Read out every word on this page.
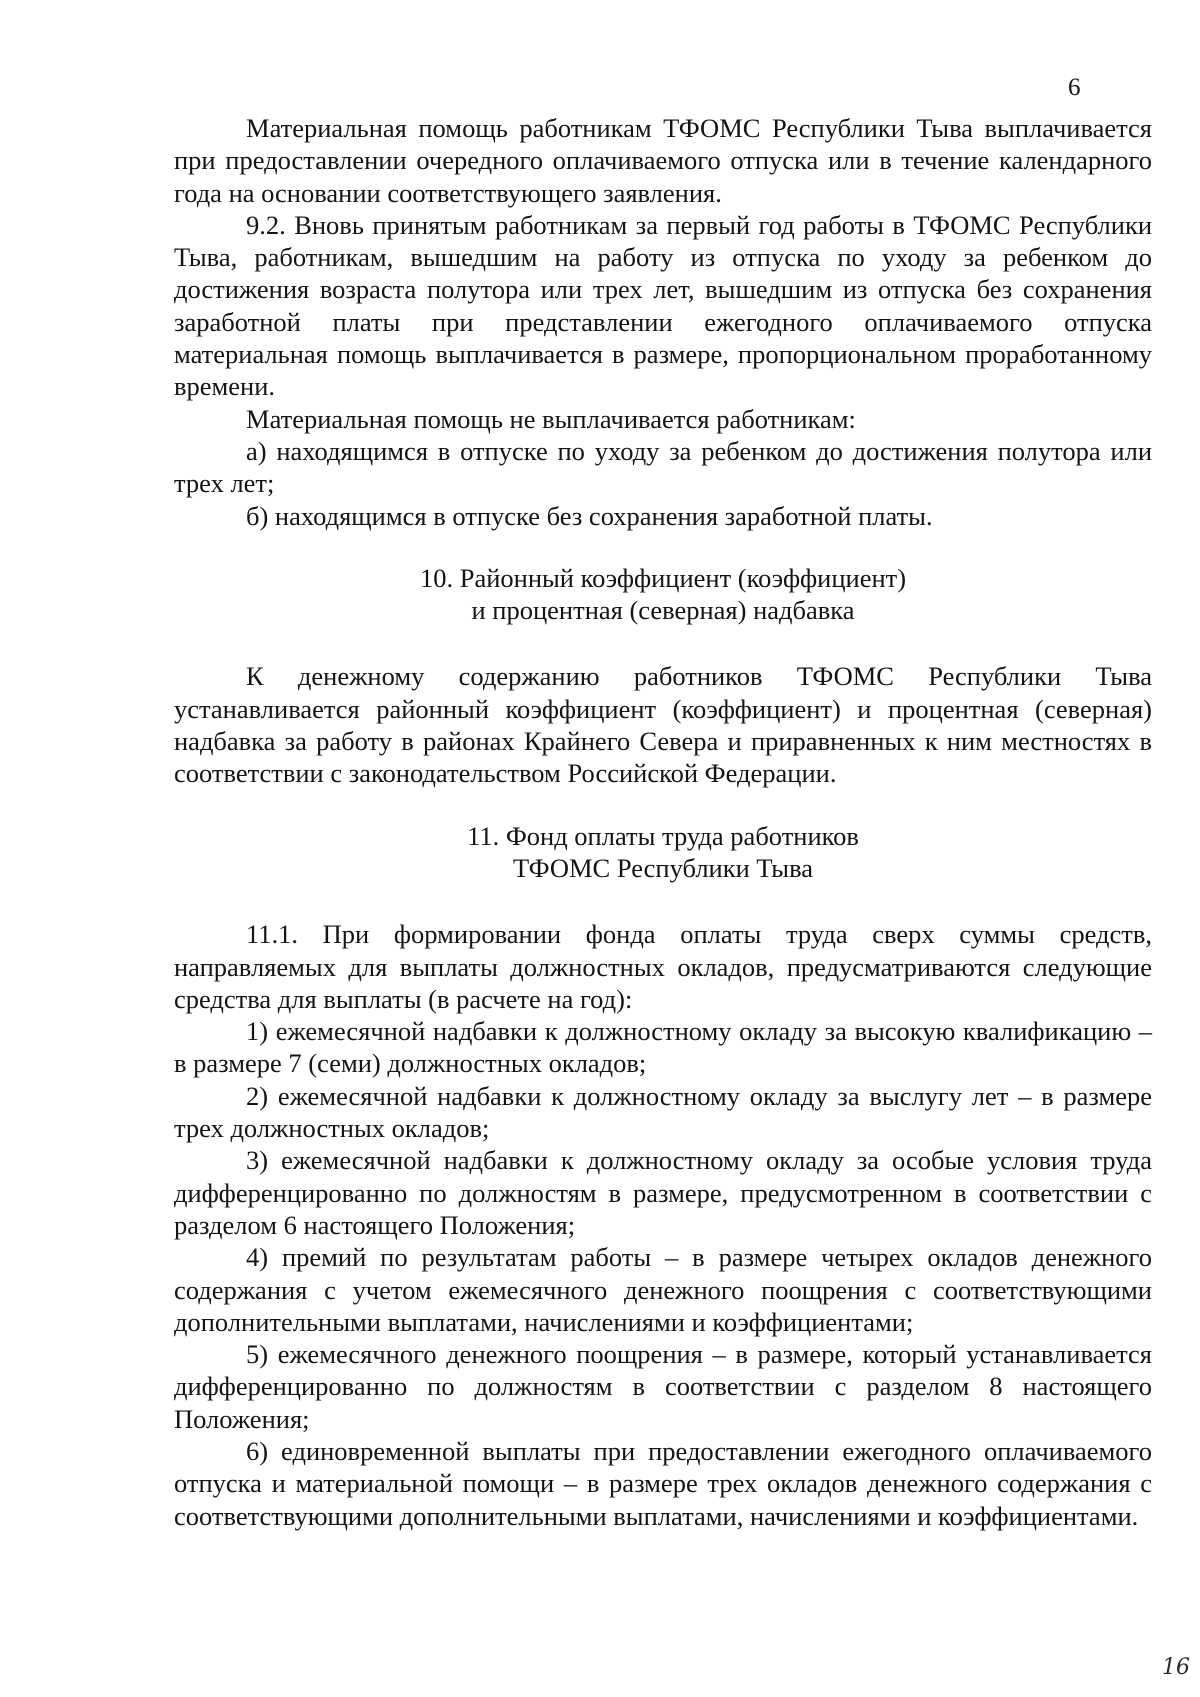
6

Материальная помощь работникам ТФОМС Республики Тыва выплачивается при предоставлении очередного оплачиваемого отпуска или в течение календарного года на основании соответствующего заявления.

9.2. Вновь принятым работникам за первый год работы в ТФОМС Республики Тыва, работникам, вышедшим на работу из отпуска по уходу за ребенком до достижения возраста полутора или трех лет, вышедшим из отпуска без сохранения заработной платы при представлении ежегодного оплачиваемого отпуска материальная помощь выплачивается в размере, пропорциональном проработанному времени.

Материальная помощь не выплачивается работникам:

а) находящимся в отпуске по уходу за ребенком до достижения полутора или трех лет;

б) находящимся в отпуске без сохранения заработной платы.

10. Районный коэффициент (коэффициент)
и процентная (северная) надбавка

К денежному содержанию работников ТФОМС Республики Тыва устанавливается районный коэффициент (коэффициент) и процентная (северная) надбавка за работу в районах Крайнего Севера и приравненных к ним местностях в соответствии с законодательством Российской Федерации.

11. Фонд оплаты труда работников
ТФОМС Республики Тыва

11.1. При формировании фонда оплаты труда сверх суммы средств, направляемых для выплаты должностных окладов, предусматриваются следующие средства для выплаты (в расчете на год):

1) ежемесячной надбавки к должностному окладу за высокую квалификацию – в размере 7 (семи) должностных окладов;

2) ежемесячной надбавки к должностному окладу за выслугу лет – в размере трех должностных окладов;

3) ежемесячной надбавки к должностному окладу за особые условия труда дифференцированно по должностям в размере, предусмотренном в соответствии с разделом 6 настоящего Положения;

4) премий по результатам работы – в размере четырех окладов денежного содержания с учетом ежемесячного денежного поощрения с соответствующими дополнительными выплатами, начислениями и коэффициентами;

5) ежемесячного денежного поощрения – в размере, который устанавливается дифференцированно по должностям в соответствии с разделом 8 настоящего Положения;

6) единовременной выплаты при предоставлении ежегодного оплачиваемого отпуска и материальной помощи – в размере трех окладов денежного содержания с соответствующими дополнительными выплатами, начислениями и коэффициентами.

16
